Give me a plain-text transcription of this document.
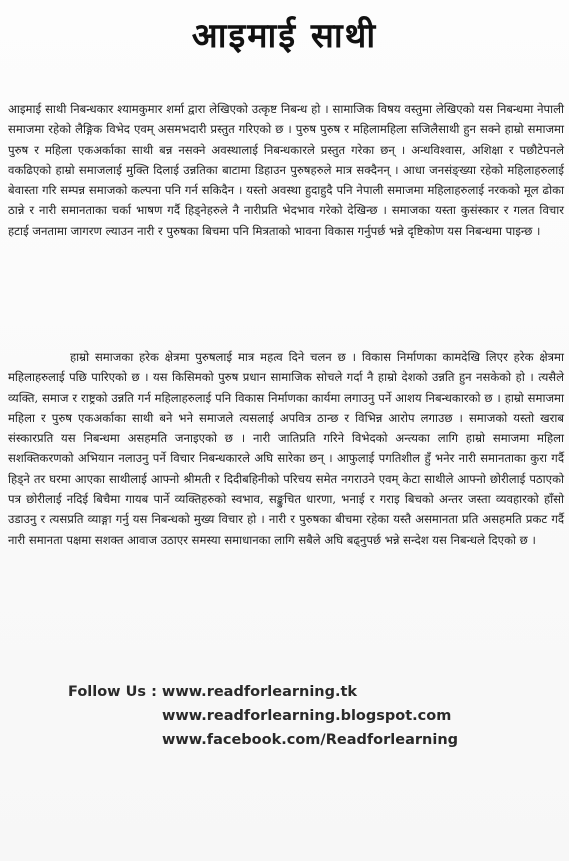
आइमाई साथी

आइमाई साथी निबन्धकार श्यामकुमार शर्मा द्वारा लेखिएको उत्कृष्ट निबन्ध हो । सामाजिक विषय वस्तुमा लेखिएको यस निबन्धमा नेपाली समाजमा रहेको लैङ्गिक विभेद एवम् असमभदारी प्रस्तुत गरिएको छ । पुरुष पुरुष र महिलामहिला सजिलैसाथी हुन सक्ने हाम्रो समाजमा पुरुष र महिला एकअर्काका साथी बन्न नसक्ने अवस्थालाई निबन्धकारले प्रस्तुत गरेका छन् । अन्धविश्वास, अशिक्षा र पछौटेपनले वकढिएको हाम्रो समाजलाई मुक्ति दिलाई उन्नतिका बाटामा डिहाउन पुरुषहरुले मात्र सक्दैनन् । आधा जनसंङ्ख्या रहेको महिलाहरुलाई बेवास्ता गरि सम्पन्न समाजको कल्पना पनि गर्न सकिदैन । यस्तो अवस्था हुदाहुदै पनि नेपाली समाजमा महिलाहरुलाई नरकको मूल ढोका ठान्ने र नारी समानताका चर्का भाषण गर्दै हिड्नेहरुले नै नारीप्रति भेदभाव गरेको देखिन्छ । समाजका यस्ता कुसंस्कार र गलत विचार हटाई जनतामा जागरण ल्याउन नारी र पुरुषका बिचमा पनि मित्रताको भावना विकास गर्नुपर्छ भन्ने दृष्टिकोण यस निबन्धमा पाइन्छ ।

हाम्रो समाजका हरेक क्षेत्रमा पुरुषलाई मात्र महत्व दिने चलन छ । विकास निर्माणका कामदेखि लिएर हरेक क्षेत्रमा महिलाहरुलाई पछि पारिएको छ । यस किसिमको पुरुष प्रधान सामाजिक सोचले गर्दा नै हाम्रो देशको उन्नति हुन नसकेको हो । त्यसैले व्यक्ति, समाज र राष्ट्रको उन्नति गर्न महिलाहरुलाई पनि विकास निर्माणका कार्यमा लगाउनु पर्ने आशय निबन्धकारको छ । हाम्रो समाजमा महिला र पुरुष एकअर्काका साथी बने भने समाजले त्यसलाई अपवित्र ठान्छ र विभिन्न आरोप लगाउछ । समाजको यस्तो खराब संस्कारप्रति यस निबन्धमा असहमति जनाइएको छ । नारी जातिप्रति गरिने विभेदको अन्त्यका लागि हाम्रो समाजमा महिला सशक्तिकरणको अभियान नलाउनु पर्ने विचार निबन्धकारले अघि सारेका छन् । आफुलाई पगतिशील हुँ भनेर नारी समानताका कुरा गर्दै हिड्ने तर घरमा आएका साथीलाई आफ्नो श्रीमती र दिदीबहिनीको परिचय समेत नगराउने एवम् केटा साथीले आफ्नो छोरीलाई पठाएको पत्र छोरीलाई नदिई बिचैमा गायब पार्ने व्यक्तिहरुको स्वभाव, सङ्कुचित धारणा, भनाई र गराइ बिचको अन्तर जस्ता व्यवहारको हाँसो उडाउनु र त्यसप्रति व्याङ्गा गर्नु यस निबन्धको मुख्य विचार हो । नारी र पुरुषका बीचमा रहेका यस्तै असमानता प्रति असहमति प्रकट गर्दै नारी समानता पक्षमा सशक्त आवाज उठाएर समस्या समाधानका लागि सबैले अघि बढ्नुपर्छ भन्ने सन्देश यस निबन्धले दिएको छ ।

Follow Us : www.readforlearning.tk
www.readforlearning.blogspot.com
www.facebook.com/Readforlearning
